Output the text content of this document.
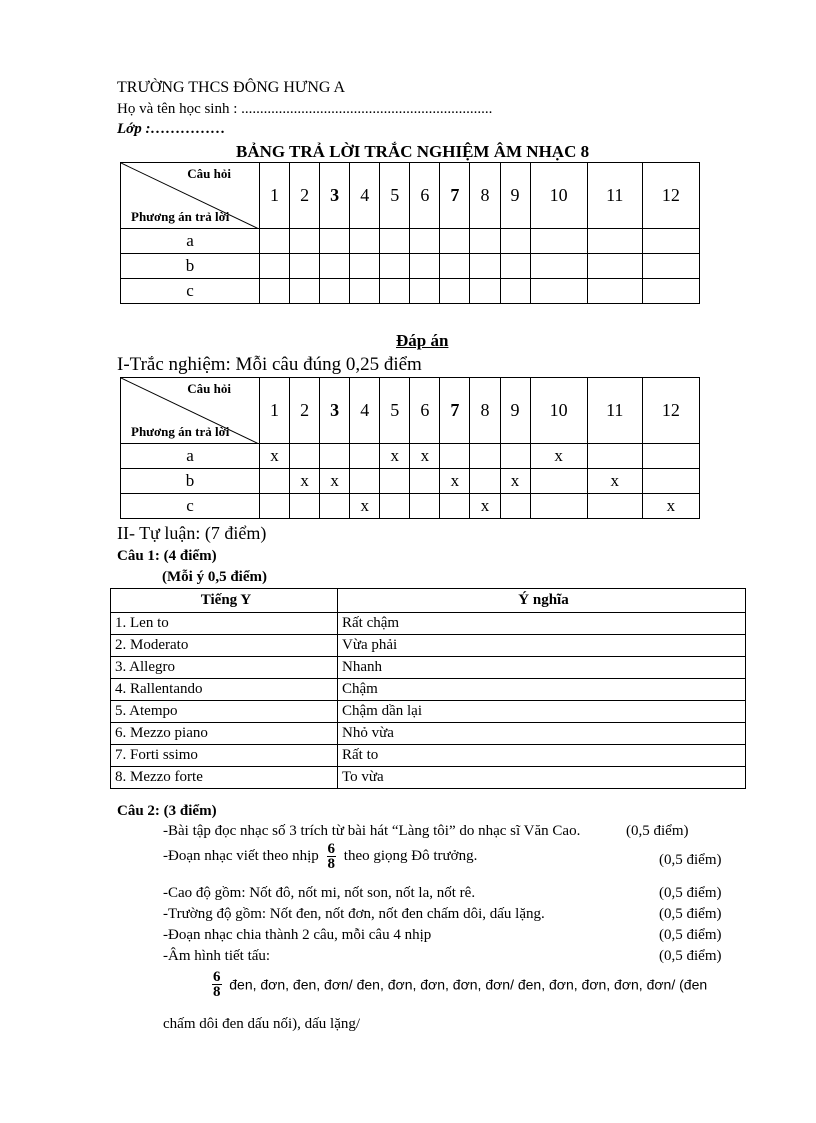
TRƯỜNG THCS ĐÔNG HƯNG A
Họ và tên học sinh : ...................................................................
Lớp :……………
BẢNG TRẢ LỜI TRẮC NGHIỆM ÂM NHẠC 8
Câu hỏi
Phương án trả lời	1	2	3	4	5	6	7	8	9	10	11	12
a												
b												
c												
Đáp án
I-Trắc nghiệm: Mỗi câu đúng 0,25 điểm
Câu hỏi
Phương án trả lời	1	2	3	4	5	6	7	8	9	10	11	12
a	x				x	x				x		
b		x	x				x		x		x	
c				x				x				x
II- Tự luận: (7 điểm)
Câu 1: (4 điểm)
(Mỗi ý 0,5 điểm)
Tiếng Y	Ý nghĩa
1. Len to	Rất chậm
2. Moderato	Vừa phải
3. Allegro	Nhanh
4. Rallentando	Chậm
5. Atempo	Chậm dần lại
6. Mezzo piano	Nhỏ vừa
7. Forti ssimo	Rất to
8. Mezzo forte	To vừa
Câu 2: (3 điểm)
-Bài tập đọc nhạc số 3 trích từ bài hát “Làng tôi” do nhạc sĩ Văn Cao.	(0,5 điểm)
-Đoạn nhạc viết theo nhịp $\frac{6}{8}$ theo giọng Đô trưởng.	(0,5 điểm)
-Cao độ gồm: Nốt đô, nốt mi, nốt son, nốt la, nốt rê.	(0,5 điểm)
-Trường độ gồm: Nốt đen, nốt đơn, nốt đen chấm dôi, dấu lặng.	(0,5 điểm)
-Đoạn nhạc chia thành 2 câu, mỗi câu 4 nhịp	(0,5 điểm)
-Âm hình tiết tấu:	(0,5 điểm)
$\frac{6}{8}$ đen, đơn, đen, đơn/ đen, đơn, đơn, đơn, đơn/ đen, đơn, đơn, đơn, đơn/ (đen
chấm dôi đen dấu nối), dấu lặng/
